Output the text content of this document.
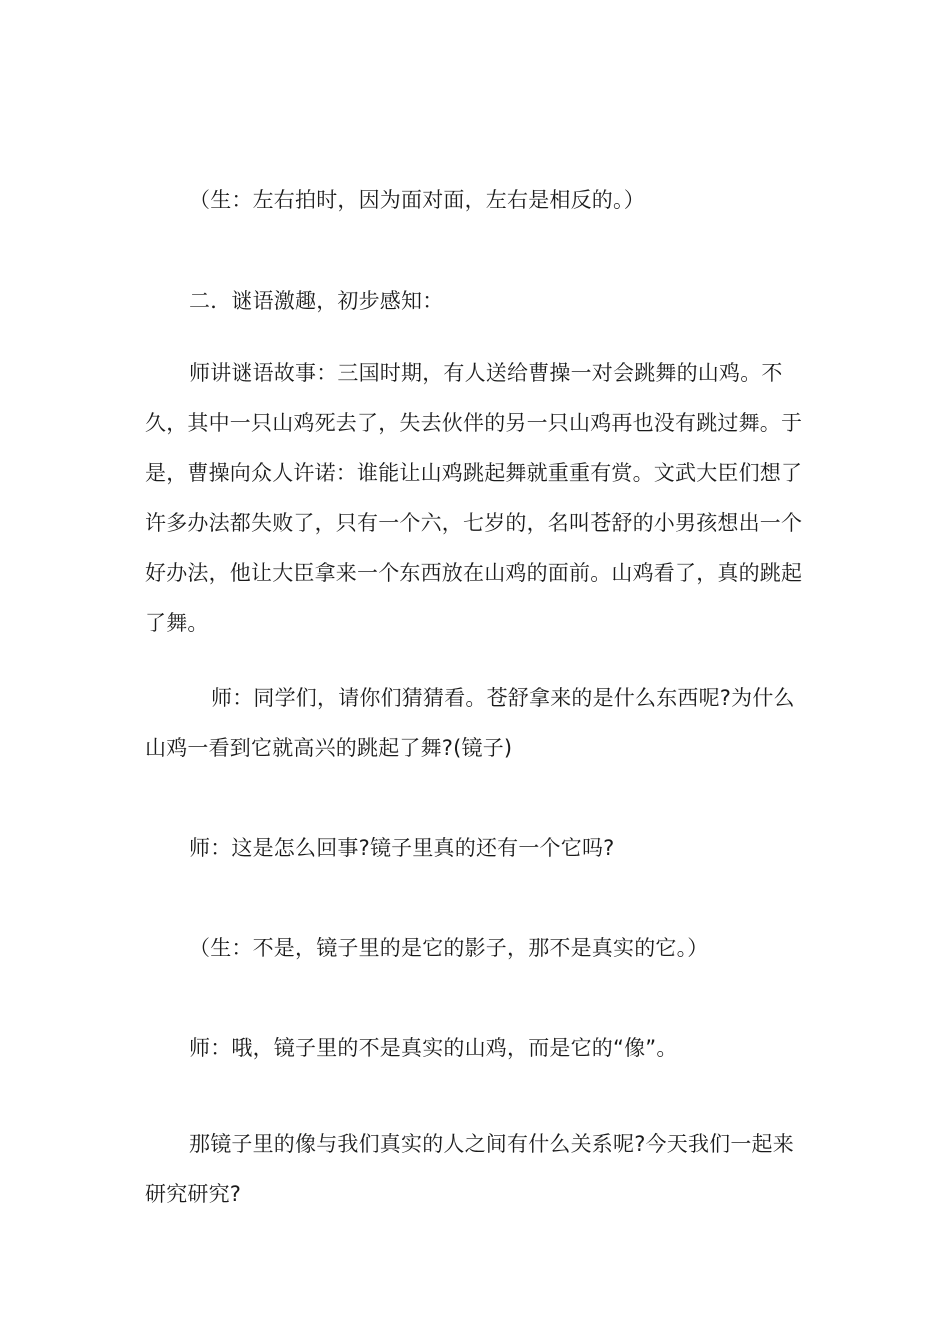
（生：左右拍时，因为面对面，左右是相反的。）

二．谜语激趣，初步感知：

师讲谜语故事：三国时期，有人送给曹操一对会跳舞的山鸡。不久，其中一只山鸡死去了，失去伙伴的另一只山鸡再也没有跳过舞。于是，曹操向众人许诺：谁能让山鸡跳起舞就重重有赏。文武大臣们想了许多办法都失败了，只有一个六，七岁的，名叫苍舒的小男孩想出一个好办法，他让大臣拿来一个东西放在山鸡的面前。山鸡看了，真的跳起了舞。

师：同学们，请你们猜猜看。苍舒拿来的是什么东西呢?为什么山鸡一看到它就高兴的跳起了舞?(镜子)

师：这是怎么回事?镜子里真的还有一个它吗?

（生：不是，镜子里的是它的影子，那不是真实的它。）

师：哦，镜子里的不是真实的山鸡，而是它的“像”。

那镜子里的像与我们真实的人之间有什么关系呢?今天我们一起来研究研究?
